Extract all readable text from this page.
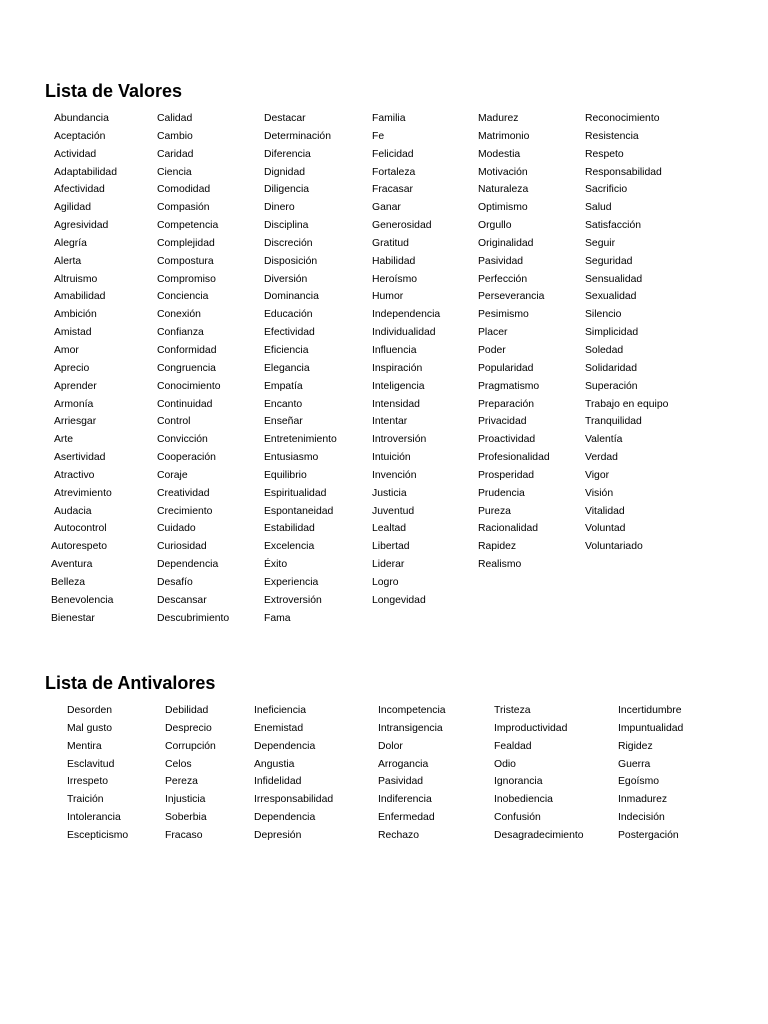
Lista de Valores
Abundancia
Aceptación
Actividad
Adaptabilidad
Afectividad
Agilidad
Agresividad
Alegría
Alerta
Altruismo
Amabilidad
Ambición
Amistad
Amor
Aprecio
Aprender
Armonía
Arriesgar
Arte
Asertividad
Atractivo
Atrevimiento
Audacia
Autocontrol
Autorespeto
Aventura
Belleza
Benevolencia
Bienestar
Calidad
Cambio
Caridad
Ciencia
Comodidad
Compasión
Competencia
Complejidad
Compostura
Compromiso
Conciencia
Conexión
Confianza
Conformidad
Congruencia
Conocimiento
Continuidad
Control
Convicción
Cooperación
Coraje
Creatividad
Crecimiento
Cuidado
Curiosidad
Dependencia
Desafío
Descansar
Descubrimiento
Destacar
Determinación
Diferencia
Dignidad
Diligencia
Dinero
Disciplina
Discreción
Disposición
Diversión
Dominancia
Educación
Efectividad
Eficiencia
Elegancia
Empatía
Encanto
Enseñar
Entretenimiento
Entusiasmo
Equilibrio
Espiritualidad
Espontaneidad
Estabilidad
Excelencia
Éxito
Experiencia
Extroversión
Fama
Familia
Fe
Felicidad
Fortaleza
Fracasar
Ganar
Generosidad
Gratitud
Habilidad
Heroísmo
Humor
Independencia
Individualidad
Influencia
Inspiración
Inteligencia
Intensidad
Intentar
Introversión
Intuición
Invención
Justicia
Juventud
Lealtad
Libertad
Liderar
Logro
Longevidad
Madurez
Matrimonio
Modestia
Motivación
Naturaleza
Optimismo
Orgullo
Originalidad
Pasividad
Perfección
Perseverancia
Pesimismo
Placer
Poder
Popularidad
Pragmatismo
Preparación
Privacidad
Proactividad
Profesionalidad
Prosperidad
Prudencia
Pureza
Racionalidad
Rapidez
Realismo
Reconocimiento
Resistencia
Respeto
Responsabilidad
Sacrificio
Salud
Satisfacción
Seguir
Seguridad
Sensualidad
Sexualidad
Silencio
Simplicidad
Soledad
Solidaridad
Superación
Trabajo en equipo
Tranquilidad
Valentía
Verdad
Vigor
Visión
Vitalidad
Voluntad
Voluntariado
Lista de Antivalores
Desorden
Mal gusto
Mentira
Esclavitud
Irrespeto
Traición
Intolerancia
Escepticismo
Debilidad
Desprecio
Corrupción
Celos
Pereza
Injusticia
Soberbia
Fracaso
Ineficiencia
Enemistad
Dependencia
Angustia
Infidelidad
Irresponsabilidad
Dependencia
Depresión
Incompetencia
Intransigencia
Dolor
Arrogancia
Pasividad
Indiferencia
Enfermedad
Rechazo
Tristeza
Improductividad
Fealdad
Odio
Ignorancia
Inobediencia
Confusión
Desagradecimiento
Incertidumbre
Impuntualidad
Rigidez
Guerra
Egoísmo
Inmadurez
Indecisión
Postergación
